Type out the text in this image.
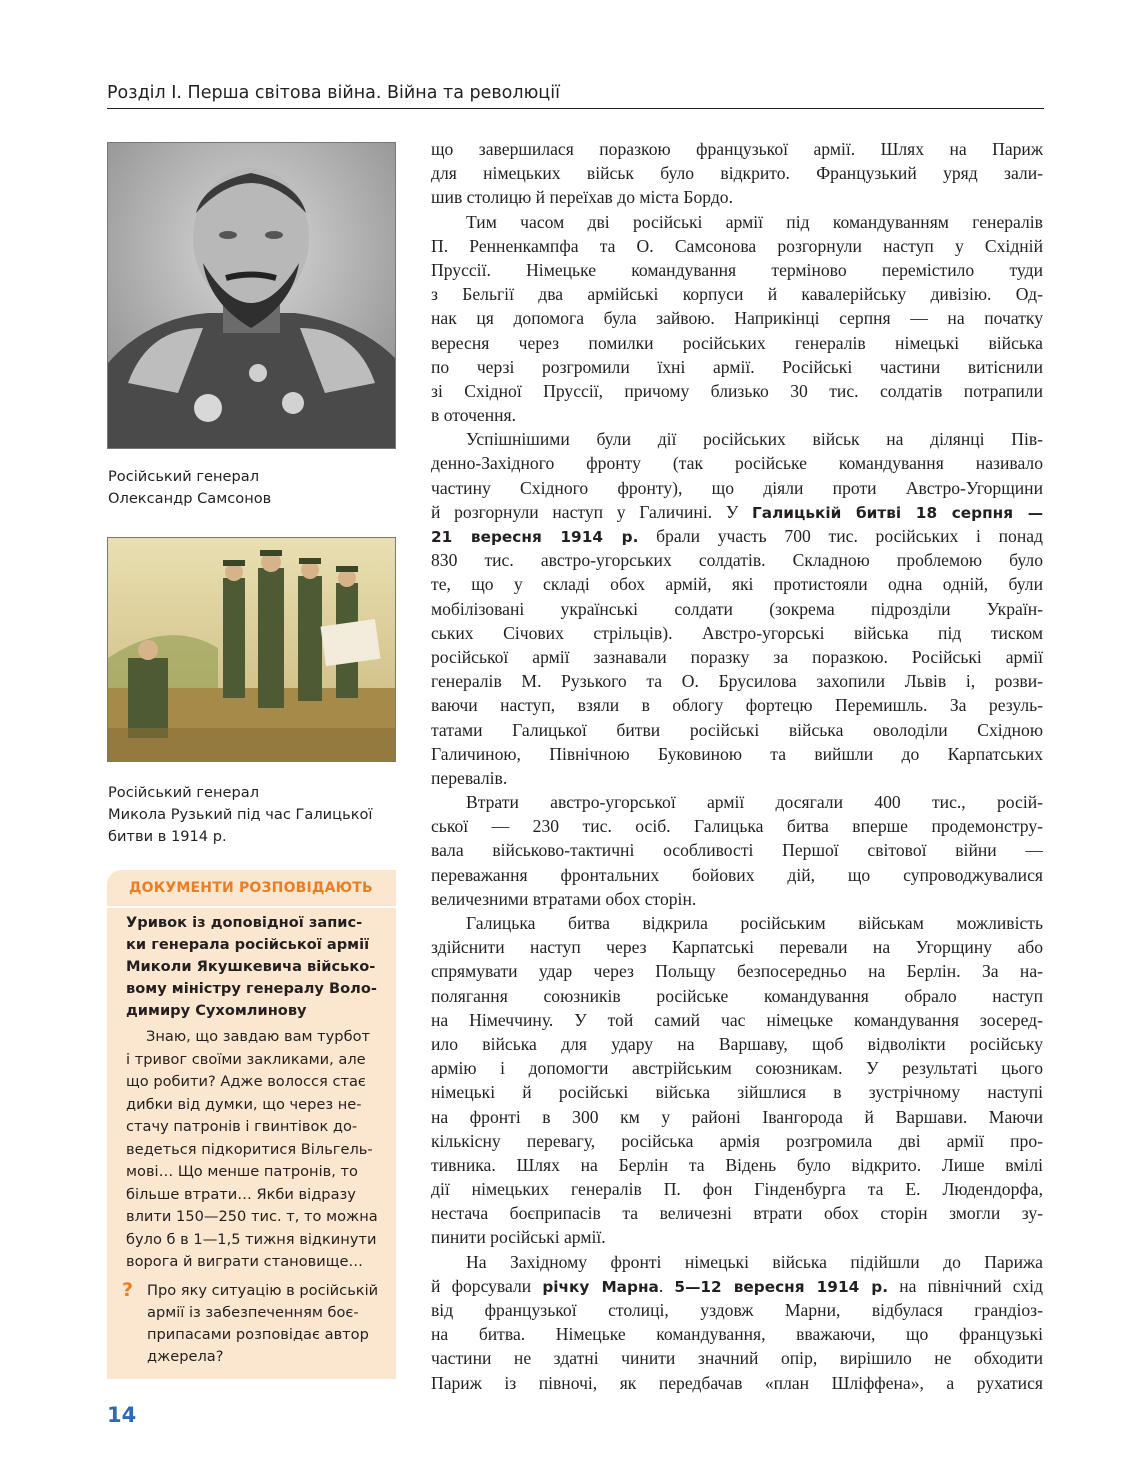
Розділ І. Перша світова війна. Війна та революції
Російський генерал
Олександр Самсонов
Російський генерал
Микола Рузький під час Галицької
битви в 1914 р.
ДОКУМЕНТИ РОЗПОВІДАЮТЬ
Уривок із доповідної запис-
ки генерала російської армії
Миколи Якушкевича військо-
вому міністру генералу Воло-
димиру Сухомлинову
Знаю, що завдаю вам турбот
і тривог своїми закликами, але
що робити? Адже волосся стає
дибки від думки, що через не-
стачу патронів і гвинтівок до-
ведеться підкоритися Вільгель-
мові… Що менше патронів, то
більше втрати… Якби відразу
влити 150—250 тис. т, то можна
було б в 1—1,5 тижня відкинути
ворога й виграти становище…
? Про яку ситуацію в російській
армії із забезпеченням боє-
припасами розповідає автор
джерела?
що завершилася поразкою французької армії. Шлях на Париж
для німецьких військ було відкрито. Французький уряд зали-
шив столицю й переїхав до міста Бордо.
Тим часом дві російські армії під командуванням генералів
П. Ренненкампфа та О. Самсонова розгорнули наступ у Східній
Пруссії. Німецьке командування терміново перемістило туди
з Бельгії два армійські корпуси й кавалерійську дивізію. Од-
нак ця допомога була зайвою. Наприкінці серпня — на початку
вересня через помилки російських генералів німецькі війська
по черзі розгромили їхні армії. Російські частини витіснили
зі Східної Пруссії, причому близько 30 тис. солдатів потрапили
в оточення.
Успішнішими були дії російських військ на ділянці Пів-
денно-Західного фронту (так російське командування називало
частину Східного фронту), що діяли проти Австро-Угорщини
й розгорнули наступ у Галичині. У Галицькій битві 18 серпня —
21 вересня 1914 р. брали участь 700 тис. російських і понад
830 тис. австро-угорських солдатів. Складною проблемою було
те, що у складі обох армій, які протистояли одна одній, були
мобілізовані українські солдати (зокрема підрозділи Україн-
ських Січових стрільців). Австро-угорські війська під тиском
російської армії зазнавали поразку за поразкою. Російські армії
генералів М. Рузького та О. Брусилова захопили Львів і, розви-
ваючи наступ, взяли в облогу фортецю Перемишль. За резуль-
татами Галицької битви російські війська оволоділи Східною
Галичиною, Північною Буковиною та вийшли до Карпатських
перевалів.
Втрати австро-угорської армії досягали 400 тис., росій-
ської — 230 тис. осіб. Галицька битва вперше продемонстру-
вала військово-тактичні особливості Першої світової війни —
переважання фронтальних бойових дій, що супроводжувалися
величезними втратами обох сторін.
Галицька битва відкрила російським військам можливість
здійснити наступ через Карпатські перевали на Угорщину або
спрямувати удар через Польщу безпосередньо на Берлін. За на-
полягання союзників російське командування обрало наступ
на Німеччину. У той самий час німецьке командування зосеред-
ило війська для удару на Варшаву, щоб відволікти російську
армію і допомогти австрійським союзникам. У результаті цього
німецькі й російські війська зійшлися в зустрічному наступі
на фронті в 300 км у районі Івангорода й Варшави. Маючи
кількісну перевагу, російська армія розгромила дві армії про-
тивника. Шлях на Берлін та Відень було відкрито. Лише вмілі
дії німецьких генералів П. фон Гінденбурга та Е. Людендорфа,
нестача боєприпасів та величезні втрати обох сторін змогли зу-
пинити російські армії.
На Західному фронті німецькі війська підійшли до Парижа
й форсували річку Марна. 5—12 вересня 1914 р. на північний схід
від французької столиці, уздовж Марни, відбулася грандіоз-
на битва. Німецьке командування, вважаючи, що французькі
частини не здатні чинити значний опір, вирішило не обходити
Париж із півночі, як передбачав «план Шліффена», а рухатися
14
